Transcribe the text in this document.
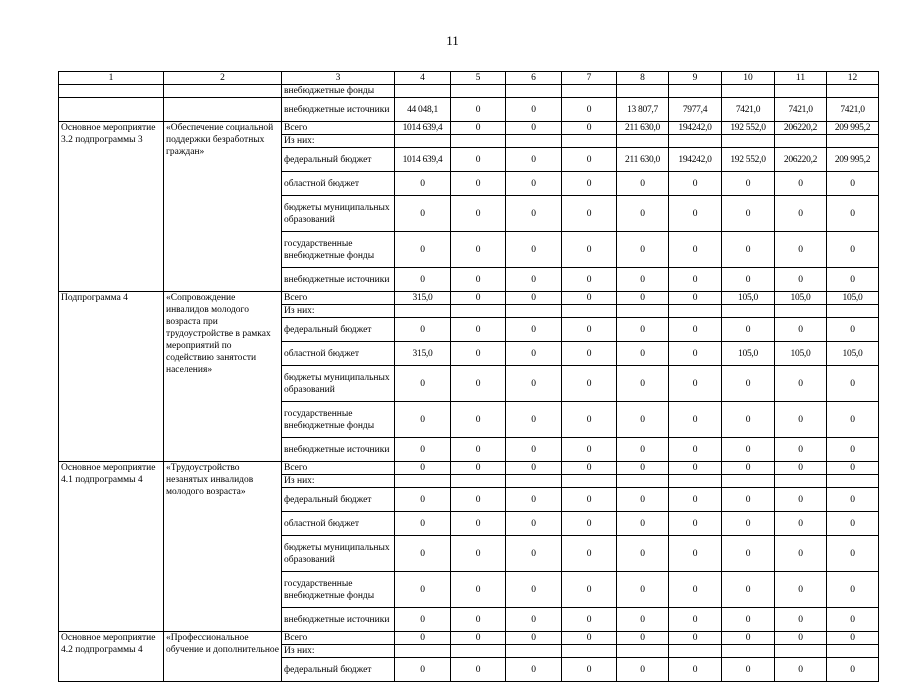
11
1	2	3	4	5	6	7	8	9	10	11	12
		внебюджетные фонды									
		внебюджетные источники	44 048,1	0	0	0	13 807,7	7977,4	7421,0	7421,0	7421,0
Основное мероприятие 3.2 подпрограммы 3	«Обеспечение социальной поддержки безработных граждан»	Всего	1014 639,4	0	0	0	211 630,0	194242,0	192 552,0	206220,2	209 995,2
		Из них:									
		федеральный бюджет	1014 639,4	0	0	0	211 630,0	194242,0	192 552,0	206220,2	209 995,2
		областной бюджет	0	0	0	0	0	0	0	0	0
		бюджеты муниципальных образований	0	0	0	0	0	0	0	0	0
		государственные внебюджетные фонды	0	0	0	0	0	0	0	0	0
		внебюджетные источники	0	0	0	0	0	0	0	0	0
Подпрограмма 4	«Сопровождение инвалидов молодого возраста при трудоустройстве в рамках мероприятий по содействию занятости населения»	Всего	315,0	0	0	0	0	0	105,0	105,0	105,0
		Из них:									
		федеральный бюджет	0	0	0	0	0	0	0	0	0
		областной бюджет	315,0	0	0	0	0	0	105,0	105,0	105,0
		бюджеты муниципальных образований	0	0	0	0	0	0	0	0	0
		государственные внебюджетные фонды	0	0	0	0	0	0	0	0	0
		внебюджетные источники	0	0	0	0	0	0	0	0	0
Основное мероприятие 4.1 подпрограммы 4	«Трудоустройство незанятых инвалидов молодого возраста»	Всего	0	0	0	0	0	0	0	0	0
		Из них:									
		федеральный бюджет	0	0	0	0	0	0	0	0	0
		областной бюджет	0	0	0	0	0	0	0	0	0
		бюджеты муниципальных образований	0	0	0	0	0	0	0	0	0
		государственные внебюджетные фонды	0	0	0	0	0	0	0	0	0
		внебюджетные источники	0	0	0	0	0	0	0	0	0
Основное мероприятие 4.2 подпрограммы 4	«Профессиональное обучение и дополнительное	Всего	0	0	0	0	0	0	0	0	0
		Из них:									
		федеральный бюджет	0	0	0	0	0	0	0	0	0
